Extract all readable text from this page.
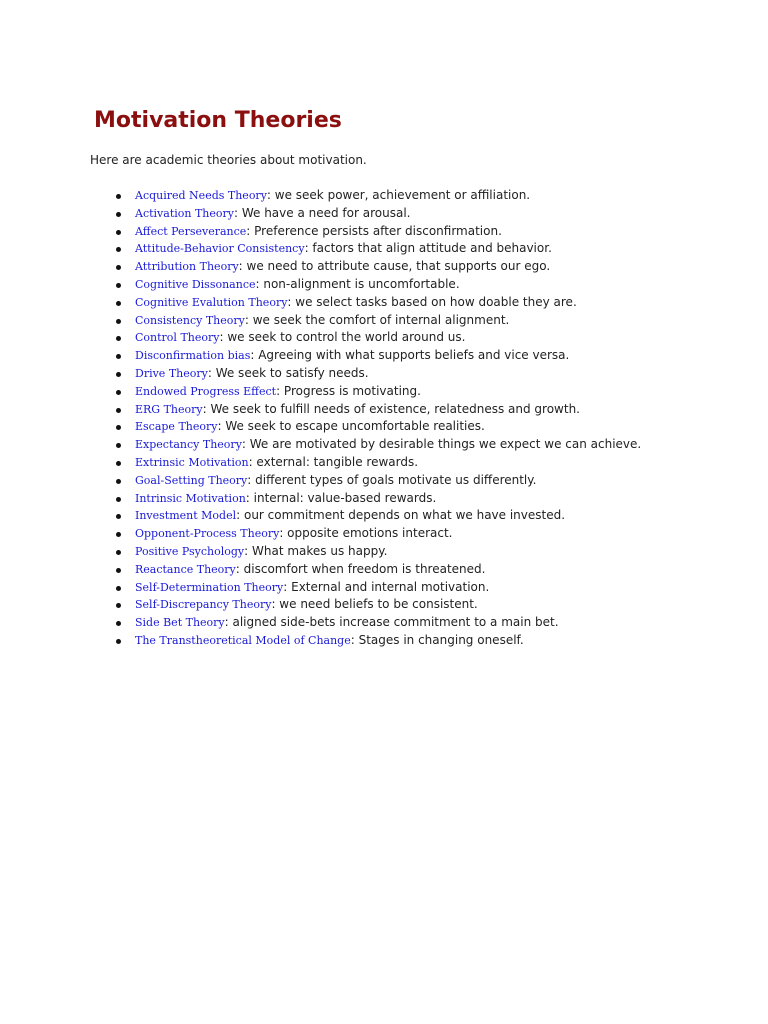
Motivation Theories

Here are academic theories about motivation.

Acquired Needs Theory: we seek power, achievement or affiliation.
Activation Theory: We have a need for arousal.
Affect Perseverance: Preference persists after disconfirmation.
Attitude-Behavior Consistency: factors that align attitude and behavior.
Attribution Theory: we need to attribute cause, that supports our ego.
Cognitive Dissonance: non-alignment is uncomfortable.
Cognitive Evalution Theory: we select tasks based on how doable they are.
Consistency Theory: we seek the comfort of internal alignment.
Control Theory: we seek to control the world around us.
Disconfirmation bias: Agreeing with what supports beliefs and vice versa.
Drive Theory: We seek to satisfy needs.
Endowed Progress Effect: Progress is motivating.
ERG Theory: We seek to fulfill needs of existence, relatedness and growth.
Escape Theory: We seek to escape uncomfortable realities.
Expectancy Theory: We are motivated by desirable things we expect we can achieve.
Extrinsic Motivation: external: tangible rewards.
Goal-Setting Theory: different types of goals motivate us differently.
Intrinsic Motivation: internal: value-based rewards.
Investment Model: our commitment depends on what we have invested.
Opponent-Process Theory: opposite emotions interact.
Positive Psychology: What makes us happy.
Reactance Theory: discomfort when freedom is threatened.
Self-Determination Theory: External and internal motivation.
Self-Discrepancy Theory: we need beliefs to be consistent.
Side Bet Theory: aligned side-bets increase commitment to a main bet.
The Transtheoretical Model of Change: Stages in changing oneself.
